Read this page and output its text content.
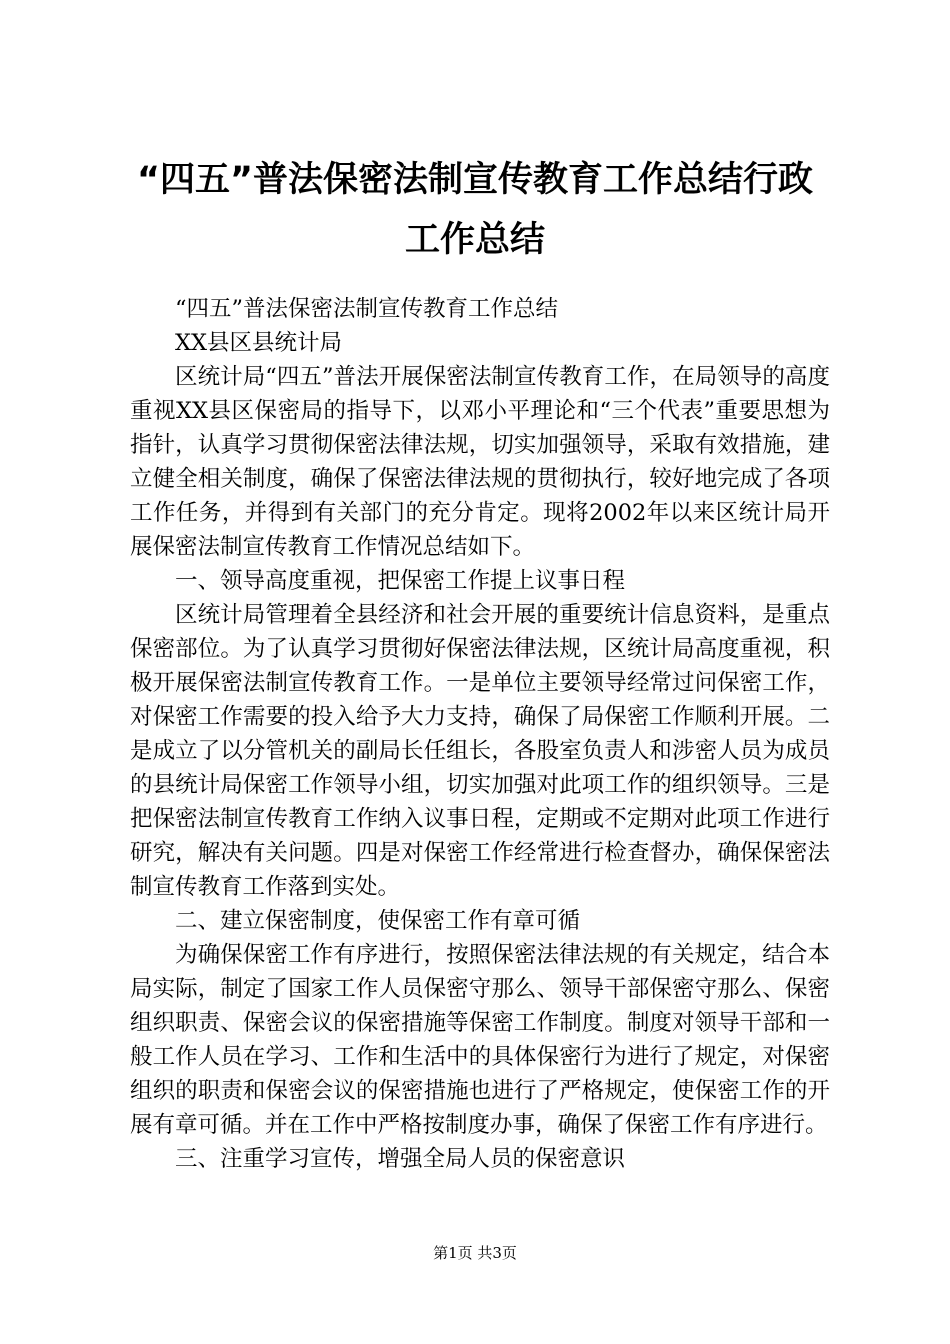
“四五”普法保密法制宣传教育工作总结行政
工作总结

“四五”普法保密法制宣传教育工作总结

XX县区县统计局

区统计局“四五”普法开展保密法制宣传教育工作，在局领导的高度重视XX县区保密局的指导下，以邓小平理论和“三个代表”重要思想为指针，认真学习贯彻保密法律法规，切实加强领导，采取有效措施，建立健全相关制度，确保了保密法律法规的贯彻执行，较好地完成了各项工作任务，并得到有关部门的充分肯定。现将2002年以来区统计局开展保密法制宣传教育工作情况总结如下。

一、领导高度重视，把保密工作提上议事日程

区统计局管理着全县经济和社会开展的重要统计信息资料，是重点保密部位。为了认真学习贯彻好保密法律法规，区统计局高度重视，积极开展保密法制宣传教育工作。一是单位主要领导经常过问保密工作，对保密工作需要的投入给予大力支持，确保了局保密工作顺利开展。二是成立了以分管机关的副局长任组长，各股室负责人和涉密人员为成员的县统计局保密工作领导小组，切实加强对此项工作的组织领导。三是把保密法制宣传教育工作纳入议事日程，定期或不定期对此项工作进行研究，解决有关问题。四是对保密工作经常进行检查督办，确保保密法制宣传教育工作落到实处。

二、建立保密制度，使保密工作有章可循

为确保保密工作有序进行，按照保密法律法规的有关规定，结合本局实际，制定了国家工作人员保密守那么、领导干部保密守那么、保密组织职责、保密会议的保密措施等保密工作制度。制度对领导干部和一般工作人员在学习、工作和生活中的具体保密行为进行了规定，对保密组织的职责和保密会议的保密措施也进行了严格规定，使保密工作的开展有章可循。并在工作中严格按制度办事，确保了保密工作有序进行。

三、注重学习宣传，增强全局人员的保密意识

第1页 共3页
